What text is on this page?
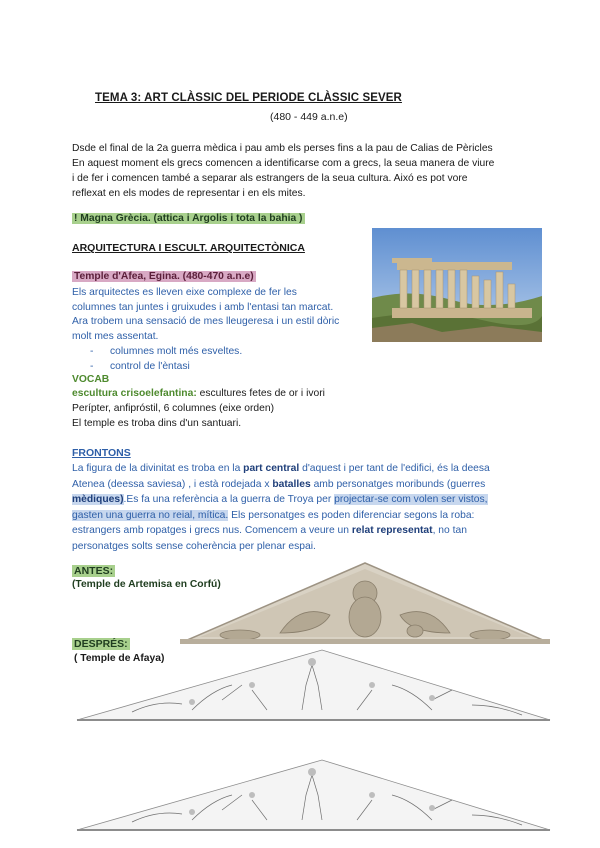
TEMA 3: ART CLÀSSIC DEL PERIODE CLÀSSIC SEVER
(480 - 449 a.n.e)
Dsde el final de la 2a guerra mèdica i pau amb els perses fins a la pau de Calias de Pèricles
En aquest moment els grecs comencen a identificarse com a grecs, la seua manera de viure
i de fer i comencen també a separar als estrangers de la seua cultura. Aixó es pot vore
reflexat en els modes de representar i en els mites.
! Magna Grècia. (attica i Argolis i tota la bahia )
ARQUITECTURA I ESCULT. ARQUITECTÒNICA
Temple d'Afea, Egina. (480-470 a.n.e)
Els arquitectes es lleven eixe complexe de fer les
columnes tan juntes i gruixudes i amb l'entasi tan marcat.
Ara trobem una sensació de mes lleugeresa i un estil dòric
molt mes assentat.
- columnes molt més esveltes.
- control de l'èntasi
VOCAB
escultura crisoelefantina: escultures fetes de or i ivori
Perípter, anfipróstil, 6 columnes (eixe orden)
El temple es troba dins d'un santuari.
FRONTONS
La figura de la divinitat es troba en la part central d'aquest i per tant de l'edifici, és la deesa
Atenea (deessa saviesa) , i està rodejada x batalles amb personatges moribunds (guerres
mèdiques).Es fa una referència a la guerra de Troya per projectar-se com volen ser vistos,
gasten una guerra no reial, mítica. Els personatges es poden diferenciar segons la roba:
estrangers amb ropatges i grecs nus. Comencem a veure un relat representat, no tan
personatges solts sense coherència per plenar espai.
ANTES:
(Temple de Artemisa en Corfú)
DESPRÉS:
( Temple de Afaya)
